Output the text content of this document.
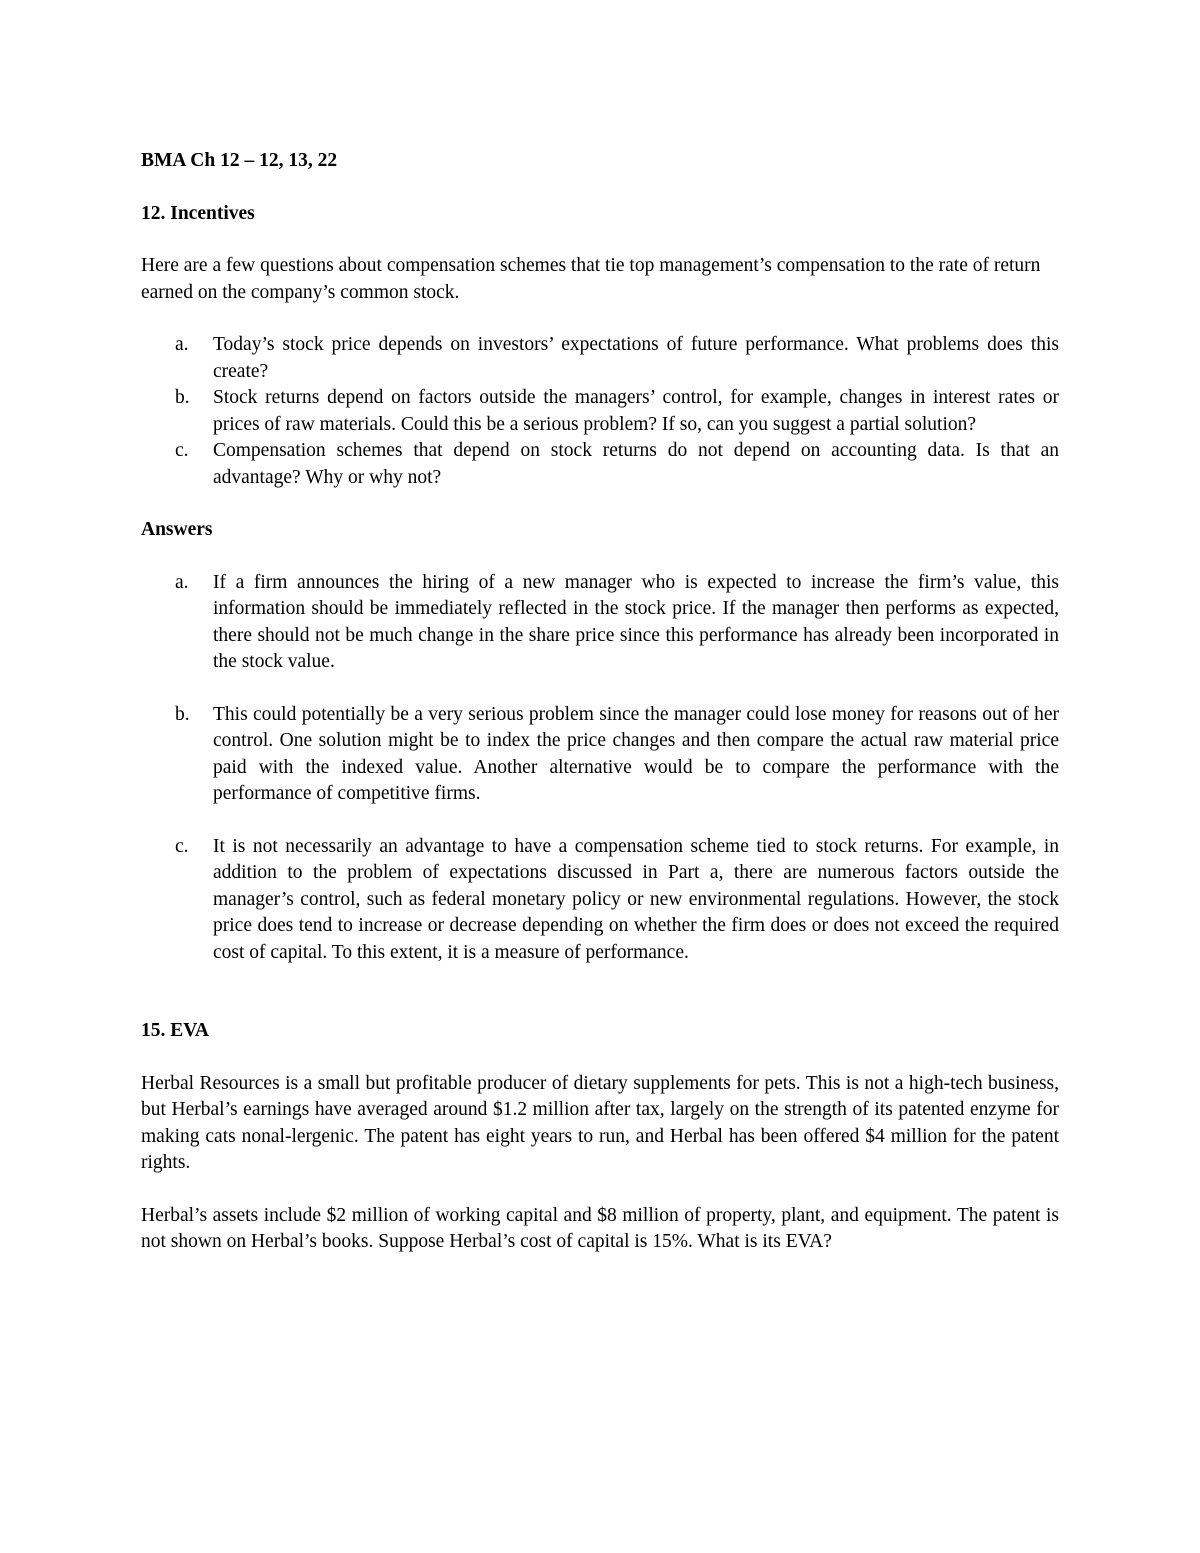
BMA Ch 12 – 12, 13, 22
12. Incentives
Here are a few questions about compensation schemes that tie top management’s compensation to the rate of return earned on the company’s common stock.
a.	Today’s stock price depends on investors’ expectations of future performance. What problems does this create?
b.	Stock returns depend on factors outside the managers’ control, for example, changes in interest rates or prices of raw materials. Could this be a serious problem? If so, can you suggest a partial solution?
c.	Compensation schemes that depend on stock returns do not depend on accounting data. Is that an advantage? Why or why not?
Answers
a.	If a firm announces the hiring of a new manager who is expected to increase the firm’s value, this information should be immediately reflected in the stock price. If the manager then performs as expected, there should not be much change in the share price since this performance has already been incorporated in the stock value.
b.	This could potentially be a very serious problem since the manager could lose money for reasons out of her control. One solution might be to index the price changes and then compare the actual raw material price paid with the indexed value. Another alternative would be to compare the performance with the performance of competitive firms.
c.	It is not necessarily an advantage to have a compensation scheme tied to stock returns. For example, in addition to the problem of expectations discussed in Part a, there are numerous factors outside the manager’s control, such as federal monetary policy or new environmental regulations. However, the stock price does tend to increase or decrease depending on whether the firm does or does not exceed the required cost of capital. To this extent, it is a measure of performance.
15. EVA
Herbal Resources is a small but profitable producer of dietary supplements for pets. This is not a high-tech business, but Herbal’s earnings have averaged around $1.2 million after tax, largely on the strength of its patented enzyme for making cats nonal-lergenic. The patent has eight years to run, and Herbal has been offered $4 million for the patent rights.
Herbal’s assets include $2 million of working capital and $8 million of property, plant, and equipment. The patent is not shown on Herbal’s books. Suppose Herbal’s cost of capital is 15%. What is its EVA?
